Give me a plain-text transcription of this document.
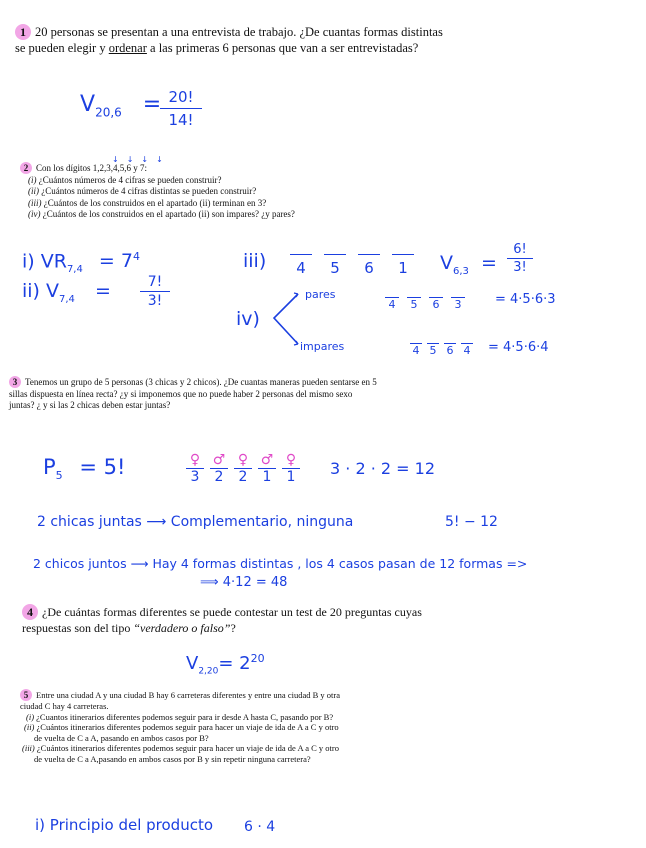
1 20 personas se presentan a una entrevista de trabajo. ¿De cuantas formas distintas se pueden elegir y ordenar a las primeras 6 personas que van a ser entrevistadas?
$V_{20,6} = 20$!
14!
2 Con los dígitos 1,2,3,4,5,6 y 7:
(i) ¿Cuántos números de 4 cifras se pueden construir?
(ii) ¿Cuántos números de 4 cifras distintas se pueden construir?
(iii) ¿Cuántos de los construidos en el apartado (ii) terminan en 3?
(iv) ¿Cuántos de los construidos en el apartado (ii) son impares? ¿y pares?
↓↓↓↓
i) $VR_{7,4} = 7^4$
ii) $V_{7,4}$ =	7!
3!
iii)	4 5 6 1	$V_{6,3}$ =
6!
3!
iv)
pares
impares
4 5 6 3	= 4·5·6·3
4 5 6 4 = 4·5·6·4
3 Tenemos un grupo de 5 personas (3 chicas y 2 chicos). ¿De cuantas maneras pueden sentarse en 5 sillas dispuesta en línea recta? ¿y si imponemos que no puede haber 2 personas del mismo sexo juntas? ¿ y si las 2 chicas deben estar juntas?
$P_5 = 5$!	♀
3
♂
2
♀
2
♂
1
♀
1 3 · 2 · 2 = 12
2 chicas juntas ⟶ Complementario, ninguna	5! − 12
2 chicos juntos ⟶ Hay 4 formas distintas , los 4 casos pasan de 12 formas =>
⟹ 4·12 = 48
4 ¿De cuántas formas diferentes se puede contestar un test de 20 preguntas cuyas respuestas son del tipo “verdadero o falso”?
$V_{2,20}= 2^{20}$
5 Entre una ciudad A y una ciudad B hay 6 carreteras diferentes y entre una ciudad B y otra ciudad C hay 4 carreteras.
(i) ¿Cuantos itinerarios diferentes podemos seguir para ir desde A hasta C, pasando por B?
(ii) ¿Cuántos itinerarios diferentes podemos seguir para hacer un viaje de ida de A a C y otro de vuelta de C a A, pasando en ambos casos por B?
(iii) ¿Cuántos itinerarios diferentes podemos seguir para hacer un viaje de ida de A a C y otro de vuelta de C a A,pasando en ambos casos por B y sin repetir ninguna carretera?
i) Principio del producto 6 · 4
